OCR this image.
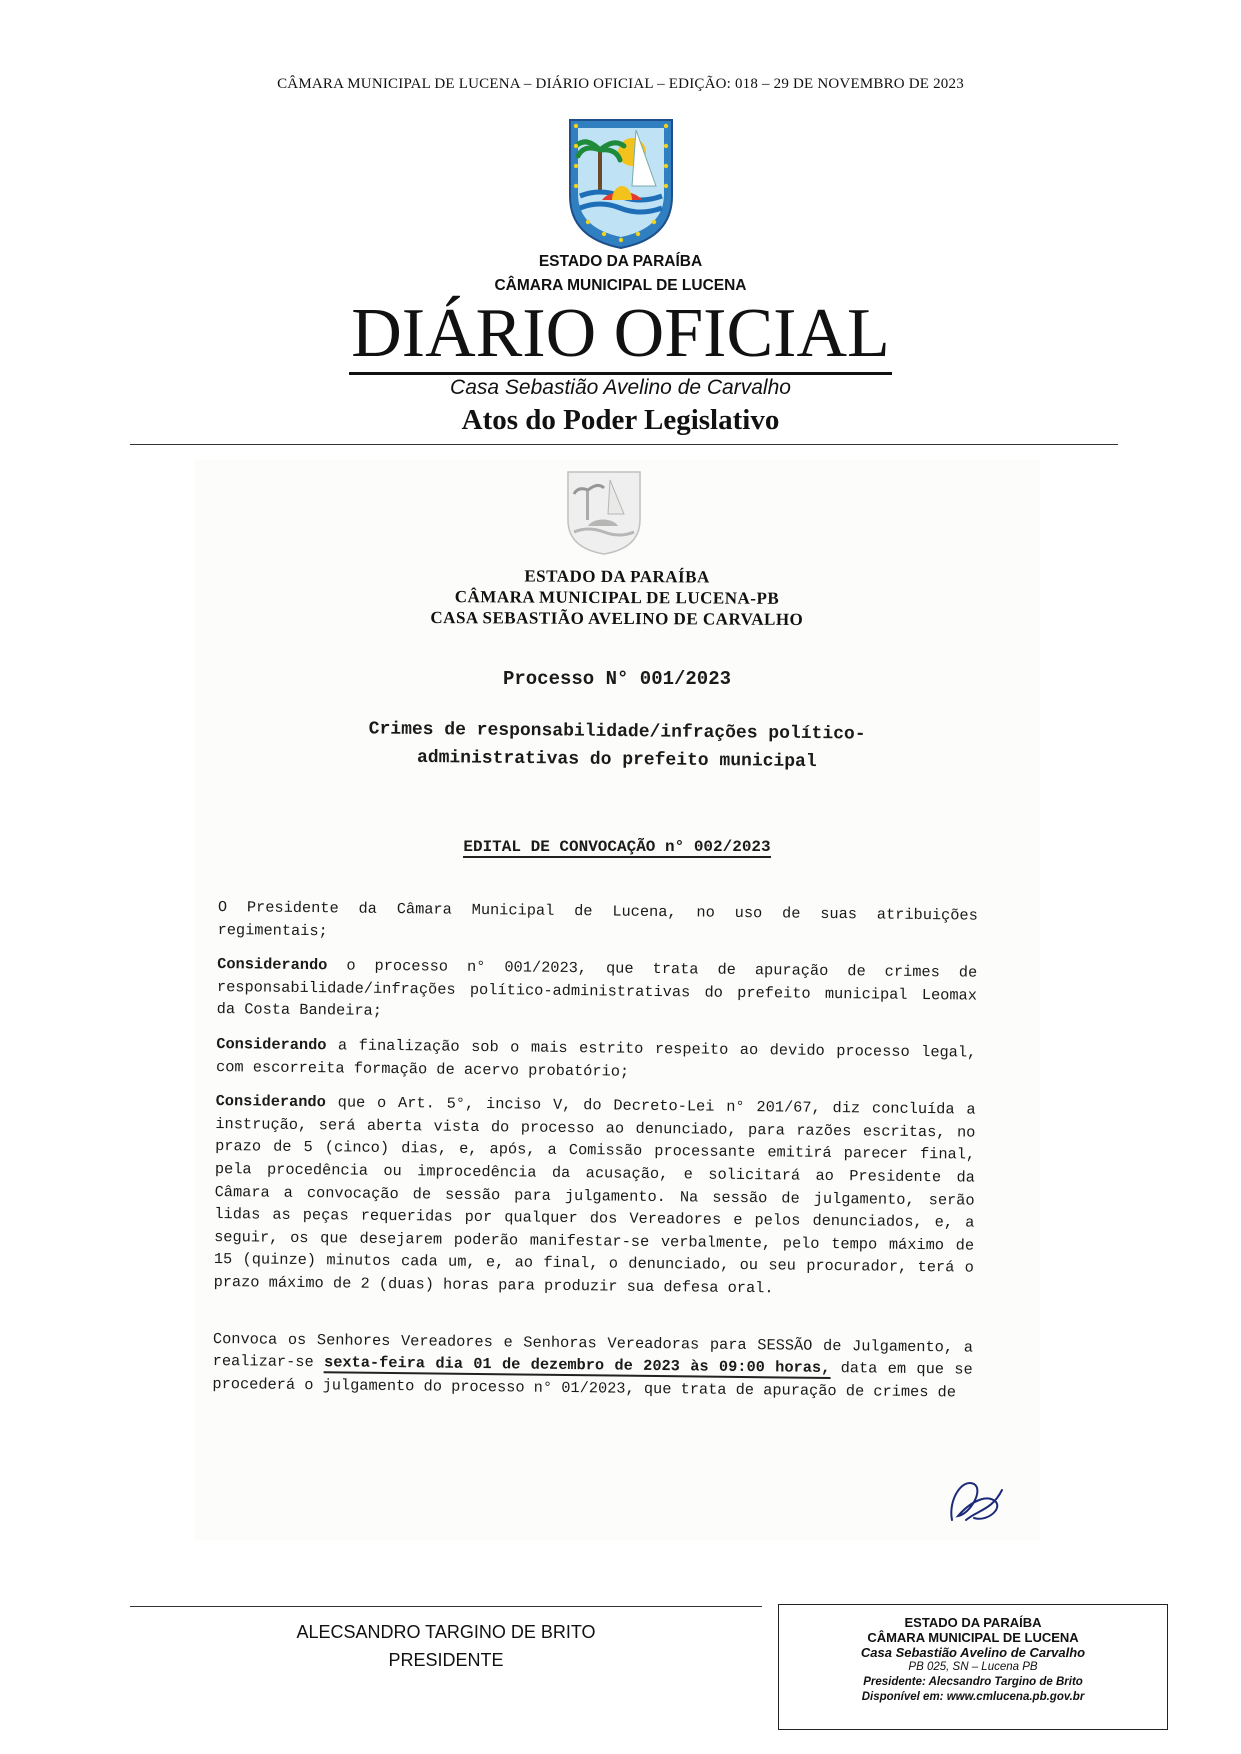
CÂMARA MUNICIPAL DE LUCENA – DIÁRIO OFICIAL – EDIÇÃO: 018 – 29 DE NOVEMBRO DE 2023
ESTADO DA PARAÍBA
CÂMARA MUNICIPAL DE LUCENA
DIÁRIO OFICIAL
Casa Sebastião Avelino de Carvalho
Atos do Poder Legislativo
ESTADO DA PARAÍBA
CÂMARA MUNICIPAL DE LUCENA-PB
CASA SEBASTIÃO AVELINO DE CARVALHO
Processo N° 001/2023
Crimes de responsabilidade/infrações político-
administrativas do prefeito municipal
EDITAL DE CONVOCAÇÃO n° 002/2023

O Presidente da Câmara Municipal de Lucena, no uso de suas atribuições regimentais;

Considerando o processo n° 001/2023, que trata de apuração de crimes de responsabilidade/infrações político-administrativas do prefeito municipal Leomax da Costa Bandeira;

Considerando a finalização sob o mais estrito respeito ao devido processo legal, com escorreita formação de acervo probatório;

Considerando que o Art. 5°, inciso V, do Decreto-Lei n° 201/67, diz concluída a instrução, será aberta vista do processo ao denunciado, para razões escritas, no prazo de 5 (cinco) dias, e, após, a Comissão processante emitirá parecer final, pela procedência ou improcedência da acusação, e solicitará ao Presidente da Câmara a convocação de sessão para julgamento. Na sessão de julgamento, serão lidas as peças requeridas por qualquer dos Vereadores e pelos denunciados, e, a seguir, os que desejarem poderão manifestar-se verbalmente, pelo tempo máximo de 15 (quinze) minutos cada um, e, ao final, o denunciado, ou seu procurador, terá o prazo máximo de 2 (duas) horas para produzir sua defesa oral.

Convoca os Senhores Vereadores e Senhoras Vereadoras para SESSÃO de Julgamento, a realizar-se sexta-feira dia 01 de dezembro de 2023 às 09:00 horas, data em que se procederá o julgamento do processo n° 01/2023, que trata de apuração de crimes de

ALECSANDRO TARGINO DE BRITO
PRESIDENTE
ESTADO DA PARAÍBA
CÂMARA MUNICIPAL DE LUCENA
Casa Sebastião Avelino de Carvalho
PB 025, SN – Lucena PB
Presidente: Alecsandro Targino de Brito
Disponível em: www.cmlucena.pb.gov.br
